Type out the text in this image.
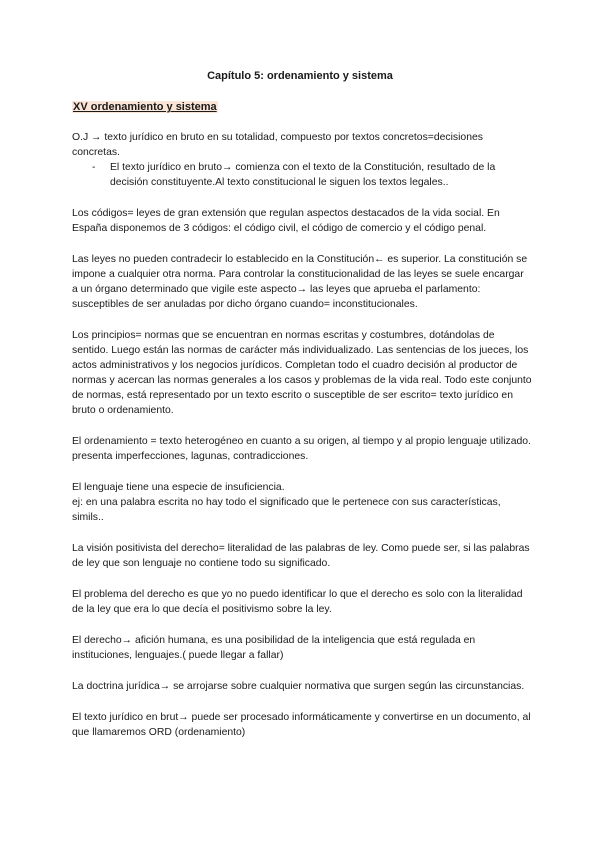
Capítulo 5: ordenamiento y sistema
XV ordenamiento y sistema

O.J → texto jurídico en bruto en su totalidad, compuesto por textos concretos=decisiones concretas.

-	El texto jurídico en bruto→ comienza con el texto de la Constitución, resultado de la decisión constituyente.Al texto constitucional le siguen los textos legales..

Los códigos= leyes de gran extensión que regulan aspectos destacados de la vida social. En España disponemos de 3 códigos: el código civil, el código de comercio y el código penal.

Las leyes no pueden contradecir lo establecido en la Constitución← es superior. La constitución se impone a cualquier otra norma. Para controlar la constitucionalidad de las leyes se suele encargar a un órgano determinado que vigile este aspecto→ las leyes que aprueba el parlamento: susceptibles de ser anuladas por dicho órgano cuando= inconstitucionales.

Los principios= normas que se encuentran en normas escritas y costumbres, dotándolas de sentido. Luego están las normas de carácter más individualizado. Las sentencias de los jueces, los actos administrativos y los negocios jurídicos. Completan todo el cuadro decisión al productor de normas y acercan las normas generales a los casos y problemas de la vida real. Todo este conjunto de normas, está representado por un texto escrito o susceptible de ser escrito= texto jurídico en bruto o ordenamiento.

El ordenamiento = texto heterogéneo en cuanto a su origen, al tiempo y al propio lenguaje utilizado. presenta imperfecciones, lagunas, contradicciones.

El lenguaje tiene una especie de insuficiencia.

ej: en una palabra escrita no hay todo el significado que le pertenece con sus características, simils..

La visión positivista del derecho= literalidad de las palabras de ley. Como puede ser, si las palabras de ley que son lenguaje no contiene todo su significado.

El problema del derecho es que yo no puedo identificar lo que el derecho es solo con la literalidad de la ley que era lo que decía el positivismo sobre la ley.

El derecho→ afición humana, es una posibilidad de la inteligencia que está regulada en instituciones, lenguajes.( puede llegar a fallar)

La doctrina jurídica→ se arrojarse sobre cualquier normativa que surgen según las circunstancias.

El texto jurídico en brut→ puede ser procesado informáticamente y convertirse en un documento, al que llamaremos ORD (ordenamiento)
